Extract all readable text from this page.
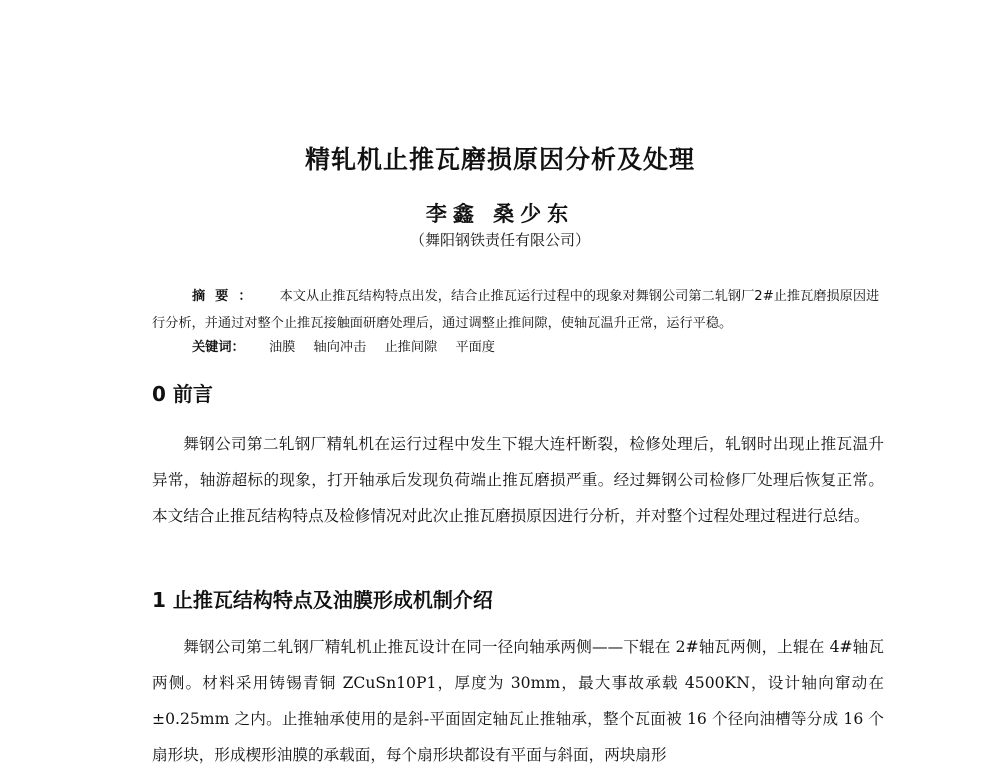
精轧机止推瓦磨损原因分析及处理
李鑫 桑少东
（舞阳钢铁责任有限公司）
摘要： 本文从止推瓦结构特点出发，结合止推瓦运行过程中的现象对舞钢公司第二轧钢厂2#止推瓦磨损原因进行分析，并通过对整个止推瓦接触面研磨处理后，通过调整止推间隙，使轴瓦温升正常，运行平稳。
关键词： 油膜 轴向冲击 止推间隙 平面度
0 前言
舞钢公司第二轧钢厂精轧机在运行过程中发生下辊大连杆断裂，检修处理后，轧钢时出现止推瓦温升异常，轴游超标的现象，打开轴承后发现负荷端止推瓦磨损严重。经过舞钢公司检修厂处理后恢复正常。本文结合止推瓦结构特点及检修情况对此次止推瓦磨损原因进行分析，并对整个过程处理过程进行总结。
1 止推瓦结构特点及油膜形成机制介绍
舞钢公司第二轧钢厂精轧机止推瓦设计在同一径向轴承两侧——下辊在 2#轴瓦两侧，上辊在 4#轴瓦两侧。材料采用铸锡青铜 ZCuSn10P1，厚度为 30mm，最大事故承载 4500KN，设计轴向窜动在±0.25mm 之内。止推轴承使用的是斜-平面固定轴瓦止推轴承，整个瓦面被 16 个径向油槽等分成 16 个扇形块，形成楔形油膜的承载面，每个扇形块都设有平面与斜面，两块扇形
